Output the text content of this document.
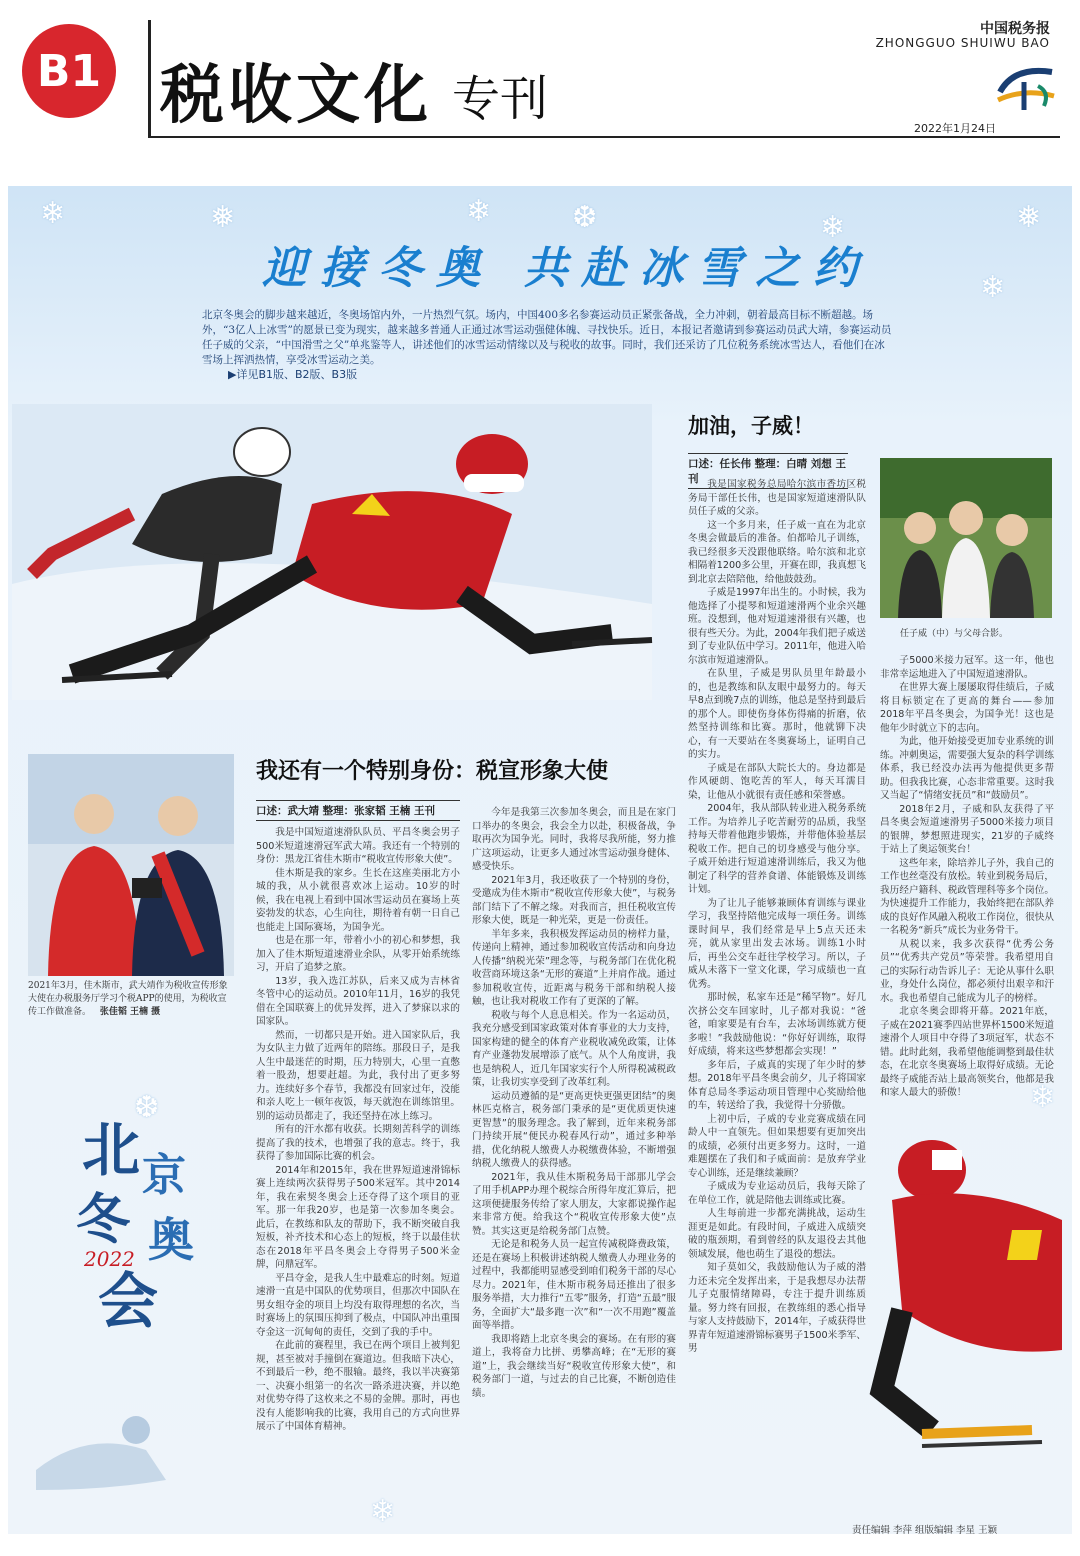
B1 税收文化 专刊
中国税务报
ZHONGGUO SHUIWU BAO
2022年1月24日
❄	❅	❄	❆	❄	❅
❄
❄
❄
❆
迎接冬奥 共赴冰雪之约
北京冬奥会的脚步越来越近，冬奥场馆内外，一片热烈气氛。场内，中国400多名参赛运动员正紧张备战，全力冲刺，朝着最高目标不断超越。场外，“3亿人上冰雪”的愿景已变为现实，越来越多普通人正通过冰雪运动强健体魄、寻找快乐。近日，本报记者邀请到参赛运动员武大靖，参赛运动员任子威的父亲，“中国滑雪之父”单兆鉴等人，讲述他们的冰雪运动情缘以及与税收的故事。同时，我们还采访了几位税务系统冰雪达人，看他们在冰雪场上挥洒热情，享受冰雪运动之美。
▶详见B1版、B2版、B3版
加油，子威！
口述：任长伟 整理：白晴 刘想 王刊 我是国家税务总局哈尔滨市香坊区税务局干部任长伟，也是国家短道速滑队队员任子威的父亲。

这一个多月来，任子威一直在为北京冬奥会做最后的准备。伯都哈儿子训练，我已经很多天没跟他联络。哈尔滨和北京相隔着1200多公里，开赛在即，我真想飞到北京去陪陪他，给他鼓鼓劲。

子威是1997年出生的。小时候，我为他选择了小提琴和短道速滑两个业余兴趣班。没想到，他对短道速滑很有兴趣，也很有些天分。为此，2004年我们把子威送到了专业队伍中学习。2011年，他进入哈尔滨市短道速滑队。

在队里，子威是男队员里年龄最小的，也是教练和队友眼中最努力的。每天早8点到晚7点的训练，他总是坚持到最后的那个人。即使伤身体伤得痛的折磨，依然坚持训练和比赛。那时，他就铆下决心，有一天要站在冬奥赛场上，证明自己的实力。

子威是在部队大院长大的。身边都是作风硬朗、饱吃苦的军人，每天耳濡目染，让他从小就很有责任感和荣誉感。

2004年，我从部队转业进入税务系统工作。为培养儿子吃苦耐劳的品质，我坚持每天带着他跑步锻炼，并带他体验基层税收工作。把自己的切身感受与他分享。子威开始进行短道速滑训练后，我又为他制定了科学的营养食谱、体能锻炼及训练计划。

为了让儿子能够兼顾体育训练与课业学习，我坚持陪他完成每一项任务。训练课时间早，我们经常是早上5点天还未亮，就从家里出发去冰场。训练1小时后，再坐公交车赶往学校学习。所以，子威从未落下一堂文化课，学习成绩也一直优秀。

那时候，私家车还是“稀罕物”。好几次挤公交车回家时，儿子都对我说：“爸爸，咱家要是有台车，去冰场训练就方便多啦！”我鼓励他说：“你好好训练，取得好成绩，将来这些梦想都会实现！”

多年后，子威真的实现了年少时的梦想。2018年平昌冬奥会前夕，儿子将国家体育总局冬季运动项目管理中心奖励给他的车，转送给了我，我觉得十分骄傲。

上初中后，子威的专业竞赛成绩在同龄人中一直领先。但如果想要有更加突出的成绩，必须付出更多努力。这时，一道难题摆在了我们和子威面前：是放弃学业专心训练，还是继续兼顾？

子威成为专业运动员后，我每天除了在单位工作，就是陪他去训练或比赛。

人生每前进一步都充满挑战，运动生涯更是如此。有段时间，子威进入成绩突破的瓶颈期，看到曾经的队友退役去其他领域发展，他也萌生了退役的想法。

知子莫如父，我鼓励他认为子威的潜力还未完全发挥出来，于是我想尽办法帮儿子克服情绪障碍，专注于提升训练质量。努力终有回报，在教练组的悉心指导与家人支持鼓励下，2014年，子威获得世界青年短道速滑锦标赛男子1500米季军、男

任子威（中）与父母合影。

子5000米接力冠军。这一年，他也非常幸运地进入了中国短道速滑队。

在世界大赛上屡屡取得佳绩后，子威将目标锁定在了更高的舞台——参加2018年平昌冬奥会，为国争光！这也是他年少时就立下的志向。

为此，他开始接受更加专业系统的训练。冲刺奥运，需要强大复杂的科学训练体系，我已经没办法再为他提供更多帮助。但我我比赛，心态非常重要。这时我又当起了“情绪安抚员”和“鼓励员”。

2018年2月，子威和队友获得了平昌冬奥会短道速滑男子5000米接力项目的银牌，梦想照进现实，21岁的子威终于站上了奥运领奖台！

这些年来，除培养儿子外，我自己的工作也丝毫没有放松。转业到税务局后，我历经户籍科、税政管理科等多个岗位。为快速提升工作能力，我始终把在部队养成的良好作风融入税收工作岗位，很快从一名税务“新兵”成长为业务骨干。

从税以来，我多次获得“优秀公务员”“优秀共产党员”等荣誉。我希望用自己的实际行动告诉儿子：无论从事什么职业，身处什么岗位，都必须付出艰辛和汗水。我也希望自己能成为儿子的榜样。

北京冬奥会即将开幕。2021年底，子威在2021赛季四站世界杯1500米短道速滑个人项目中夺得了3项冠军，状态不错。此时此刻，我希望他能调整到最佳状态，在北京冬奥赛场上取得好成绩。无论最终子威能否站上最高领奖台，他都是我和家人最大的骄傲！

2021年3月，佳木斯市，武大靖作为税收宣传形象大使在办税服务厅学习个税APP的使用，为税收宣传工作做准备。 张佳韬 王楠 摄
我还有一个特别身份：税宣形象大使
口述：武大靖 整理：张家韬 王楠 王刊

我是中国短道速滑队队员、平昌冬奥会男子500米短道速滑冠军武大靖。我还有一个特别的身份：黑龙江省佳木斯市“税收宣传形象大使”。

佳木斯是我的家乡。生长在这座美丽北方小城的我，从小就很喜欢冰上运动。10岁的时候，我在电视上看到中国冰雪运动员在赛场上英姿勃发的状态，心生向往，期待着有朝一日自己也能走上国际赛场，为国争光。

也是在那一年，带着小小的初心和梦想，我加入了佳木斯短道速滑业余队，从零开始系统练习，开启了追梦之旅。

13岁，我入选江苏队，后来又成为吉林省冬管中心的运动员。2010年11月，16岁的我凭借在全国联赛上的优异发挥，进入了梦寐以求的国家队。

然而，一切都只是开始。进入国家队后，我为女队主力做了近两年的陪练。那段日子，是我人生中最迷茫的时期，压力特别大，心里一直憋着一股劲，想要赶超。为此，我付出了更多努力。连续好多个春节，我都没有回家过年，没能和亲人吃上一顿年夜饭，每天就泡在训练馆里。别的运动员都走了，我还坚持在冰上练习。

所有的汗水都有收获。长期刻苦科学的训练提高了我的技术，也增强了我的意志。终于，我获得了参加国际比赛的机会。

2014年和2015年，我在世界短道速滑锦标赛上连续两次获得男子500米冠军。其中2014年，我在索契冬奥会上还夺得了这个项目的亚军。那一年我20岁，也是第一次参加冬奥会。此后，在教练和队友的帮助下，我不断突破自我短板，补齐技术和心态上的短板，终于以最佳状态在2018年平昌冬奥会上夺得男子500米金牌，问鼎冠军。

平昌夺金，是我人生中最难忘的时刻。短道速滑一直是中国队的优势项目，但那次中国队在男女组夺金的项目上均没有取得理想的名次，当时赛场上的氛围压抑到了极点，中国队冲出重围夺金这一沉甸甸的责任，交到了我的手中。

在此前的赛程里，我已在两个项目上被判犯规，甚至被对手撞倒在赛道边。但我暗下决心，不到最后一秒，绝不服输。最终，我以半决赛第一、决赛小组第一的名次一路杀进决赛，并以绝对优势夺得了这枚来之不易的金牌。那时，再也没有人能影响我的比赛，我用自己的方式向世界展示了中国体育精神。

今年是我第三次参加冬奥会，而且是在家门口举办的冬奥会，我会全力以赴，积极备战，争取再次为国争光。同时，我将尽我所能，努力推广这项运动，让更多人通过冰雪运动强身健体、感受快乐。

2021年3月，我还收获了一个特别的身份，受邀成为佳木斯市“税收宣传形象大使”，与税务部门结下了不解之缘。对我而言，担任税收宣传形象大使，既是一种光荣，更是一份责任。

半年多来，我积极发挥运动员的榜样力量，传递向上精神，通过参加税收宣传活动和向身边人传播“纳税光荣”理念等，与税务部门在优化税收营商环境这条“无形的赛道”上并肩作战。通过参加税收宣传，近距离与税务干部和纳税人接触，也让我对税收工作有了更深的了解。

税收与每个人息息相关。作为一名运动员，我充分感受到国家政策对体育事业的大力支持，国家构建的健全的体育产业税收减免政策，让体育产业蓬勃发展增添了底气。从个人角度讲，我也是纳税人，近几年国家实行个人所得税减税政策，让我切实享受到了改革红利。

运动员遵循的是“更高更快更强更团结”的奥林匹克格言，税务部门秉承的是“更优质更快速更智慧”的服务理念。我了解到，近年来税务部门持续开展“便民办税春风行动”，通过多种举措，优化纳税人缴费人办税缴费体验，不断增强纳税人缴费人的获得感。

2021年，我从佳木斯税务局干部那儿学会了用手机APP办理个税综合所得年度汇算后，把这项便捷服务传给了家人朋友，大家都说操作起来非常方便。给我这个“税收宣传形象大使”点赞。其实这更是给税务部门点赞。

无论是和税务人员一起宣传减税降费政策，还是在赛场上积极讲述纳税人缴费人办理业务的过程中，我都能明显感受到咱们税务干部的尽心尽力。2021年，佳木斯市税务局还推出了很多服务举措，大力推行“五零”服务，打造“五最”服务，全面扩大“最多跑一次”和“一次不用跑”覆盖面等举措。

我即将踏上北京冬奥会的赛场。在有形的赛道上，我将奋力比拼、勇攀高峰；在“无形的赛道”上，我会继续当好“税收宣传形象大使”，和税务部门一道，与过去的自己比赛，不断创造佳绩。

北 京
冬 奥
2022
会
责任编辑 李萍 组版编辑 李星 王颖
